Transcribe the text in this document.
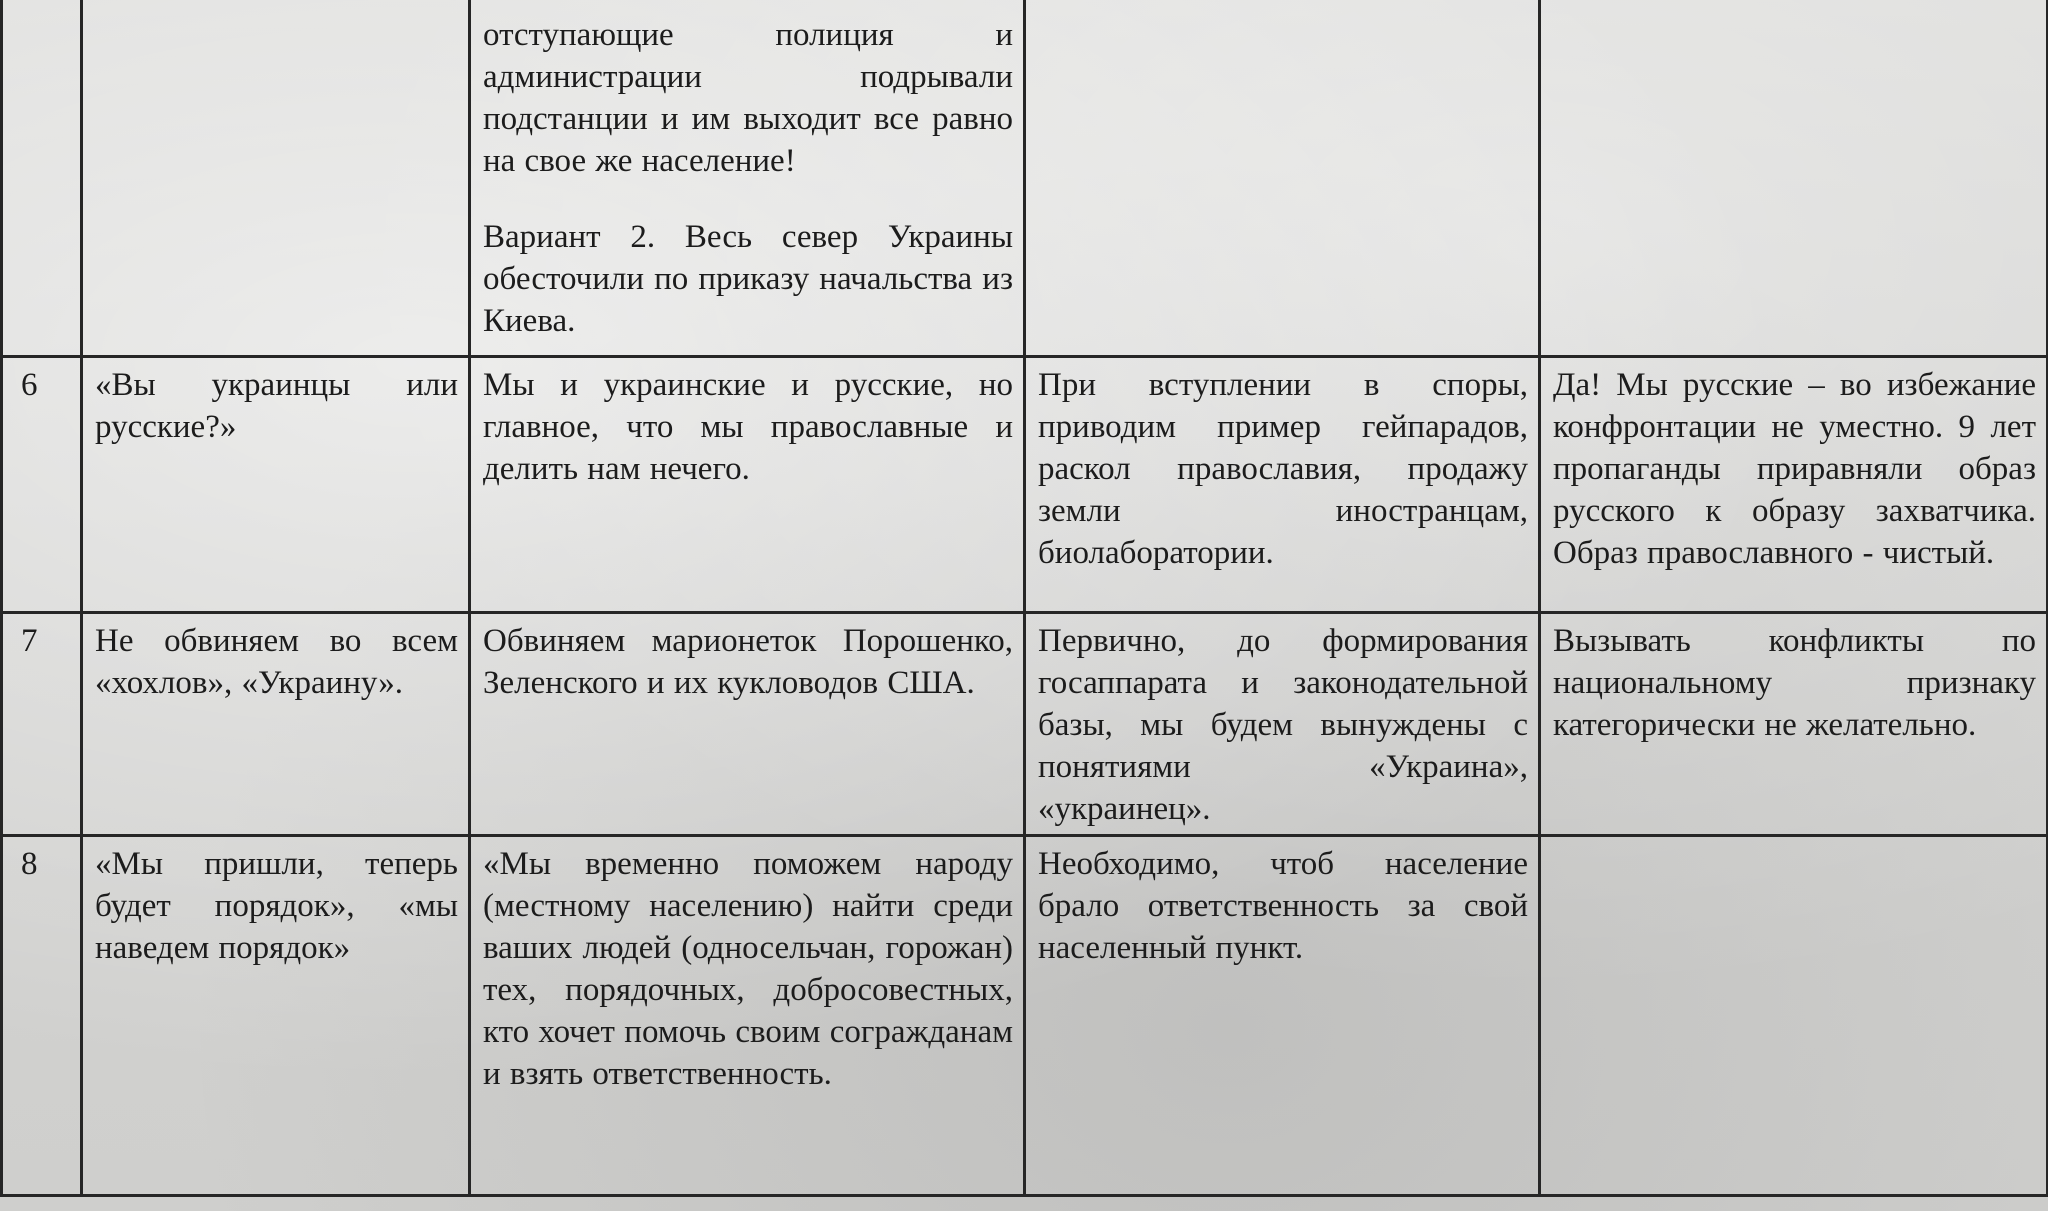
		отступающие полиция и администрации подрывали подстанции и им выходит все равно на свое же население!
Вариант 2. Весь север Украины обесточили по приказу начальства из Киева.		

6	«Вы украинцы или русские?»	Мы и украинские и русские, но главное, что мы православные и делить нам нечего.	При вступлении в споры, приводим пример гейпарадов, раскол православия, продажу земли иностранцам, биолаборатории.	Да! Мы русские – во избежание конфронтации не уместно. 9 лет пропаганды приравняли образ русского к образу захватчика. Образ православного - чистый.
7	Не обвиняем во всем «хохлов», «Украину».	Обвиняем марионеток Порошенко, Зеленского и их кукловодов США.	Первично, до формирования госаппарата и законодательной базы, мы будем вынуждены с понятиями «Украина», «украинец».	Вызывать конфликты по национальному признаку категорически не желательно.
8	«Мы пришли, теперь будет порядок», «мы наведем порядок»	«Мы временно поможем народу (местному населению) найти среди ваших людей (односельчан, горожан) тех, порядочных, добросовестных, кто хочет помочь своим согражданам и взять ответственность.	Необходимо, чтоб население брало ответственность за свой населенный пункт.	
